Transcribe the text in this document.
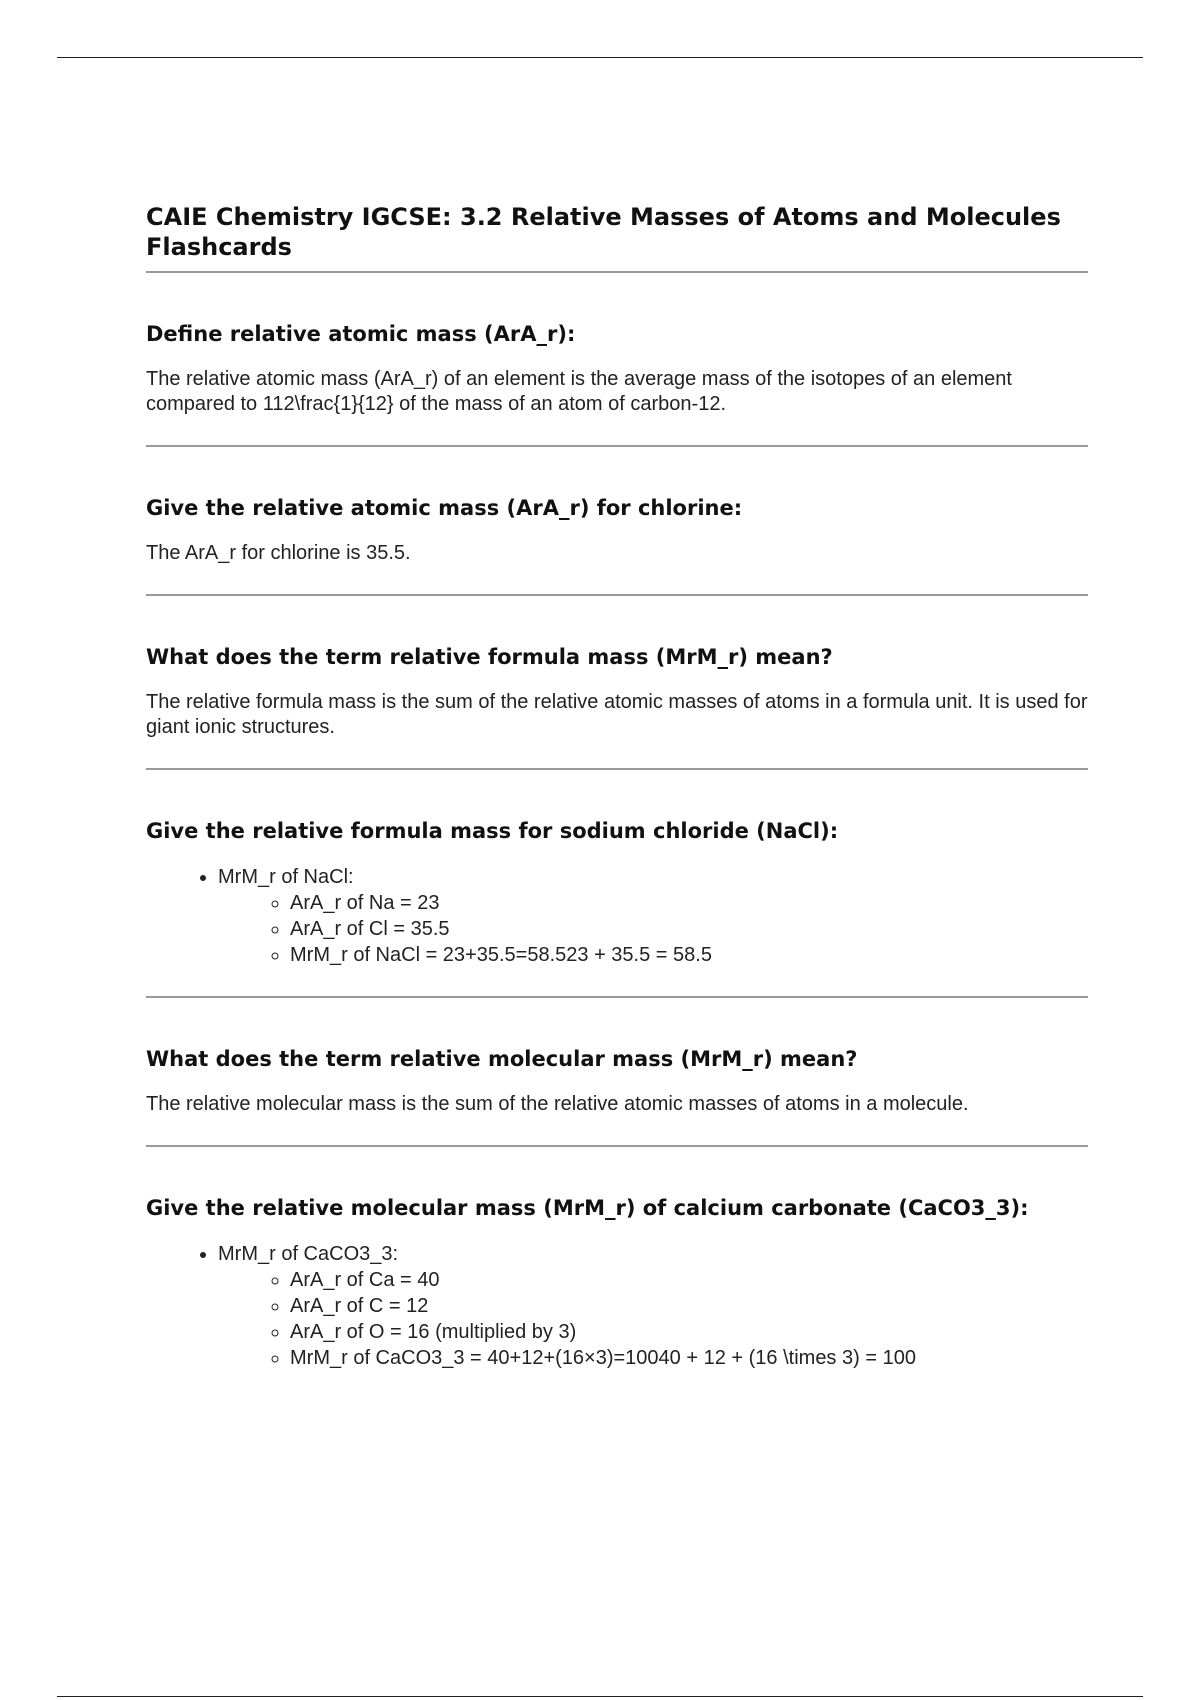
CAIE Chemistry IGCSE: 3.2 Relative Masses of Atoms and Molecules Flashcards
Define relative atomic mass (ArA_r):

The relative atomic mass (ArA_r) of an element is the average mass of the isotopes of an element compared to 112\frac{1}{12} of the mass of an atom of carbon-12.

Give the relative atomic mass (ArA_r) for chlorine:

The ArA_r for chlorine is 35.5.

What does the term relative formula mass (MrM_r) mean?

The relative formula mass is the sum of the relative atomic masses of atoms in a formula unit. It is used for giant ionic structures.

Give the relative formula mass for sodium chloride (NaCl):
• MrM_r of NaCl:
◦ ArA_r of Na = 23
◦ ArA_r of Cl = 35.5
◦ MrM_r of NaCl = 23+35.5=58.523 + 35.5 = 58.5
What does the term relative molecular mass (MrM_r) mean?

The relative molecular mass is the sum of the relative atomic masses of atoms in a molecule.

Give the relative molecular mass (MrM_r) of calcium carbonate (CaCO3_3):
• MrM_r of CaCO3_3:
◦ ArA_r of Ca = 40
◦ ArA_r of C = 12
◦ ArA_r of O = 16 (multiplied by 3)
◦ MrM_r of CaCO3_3 = 40+12+(16×3)=10040 + 12 + (16 \times 3) = 100
